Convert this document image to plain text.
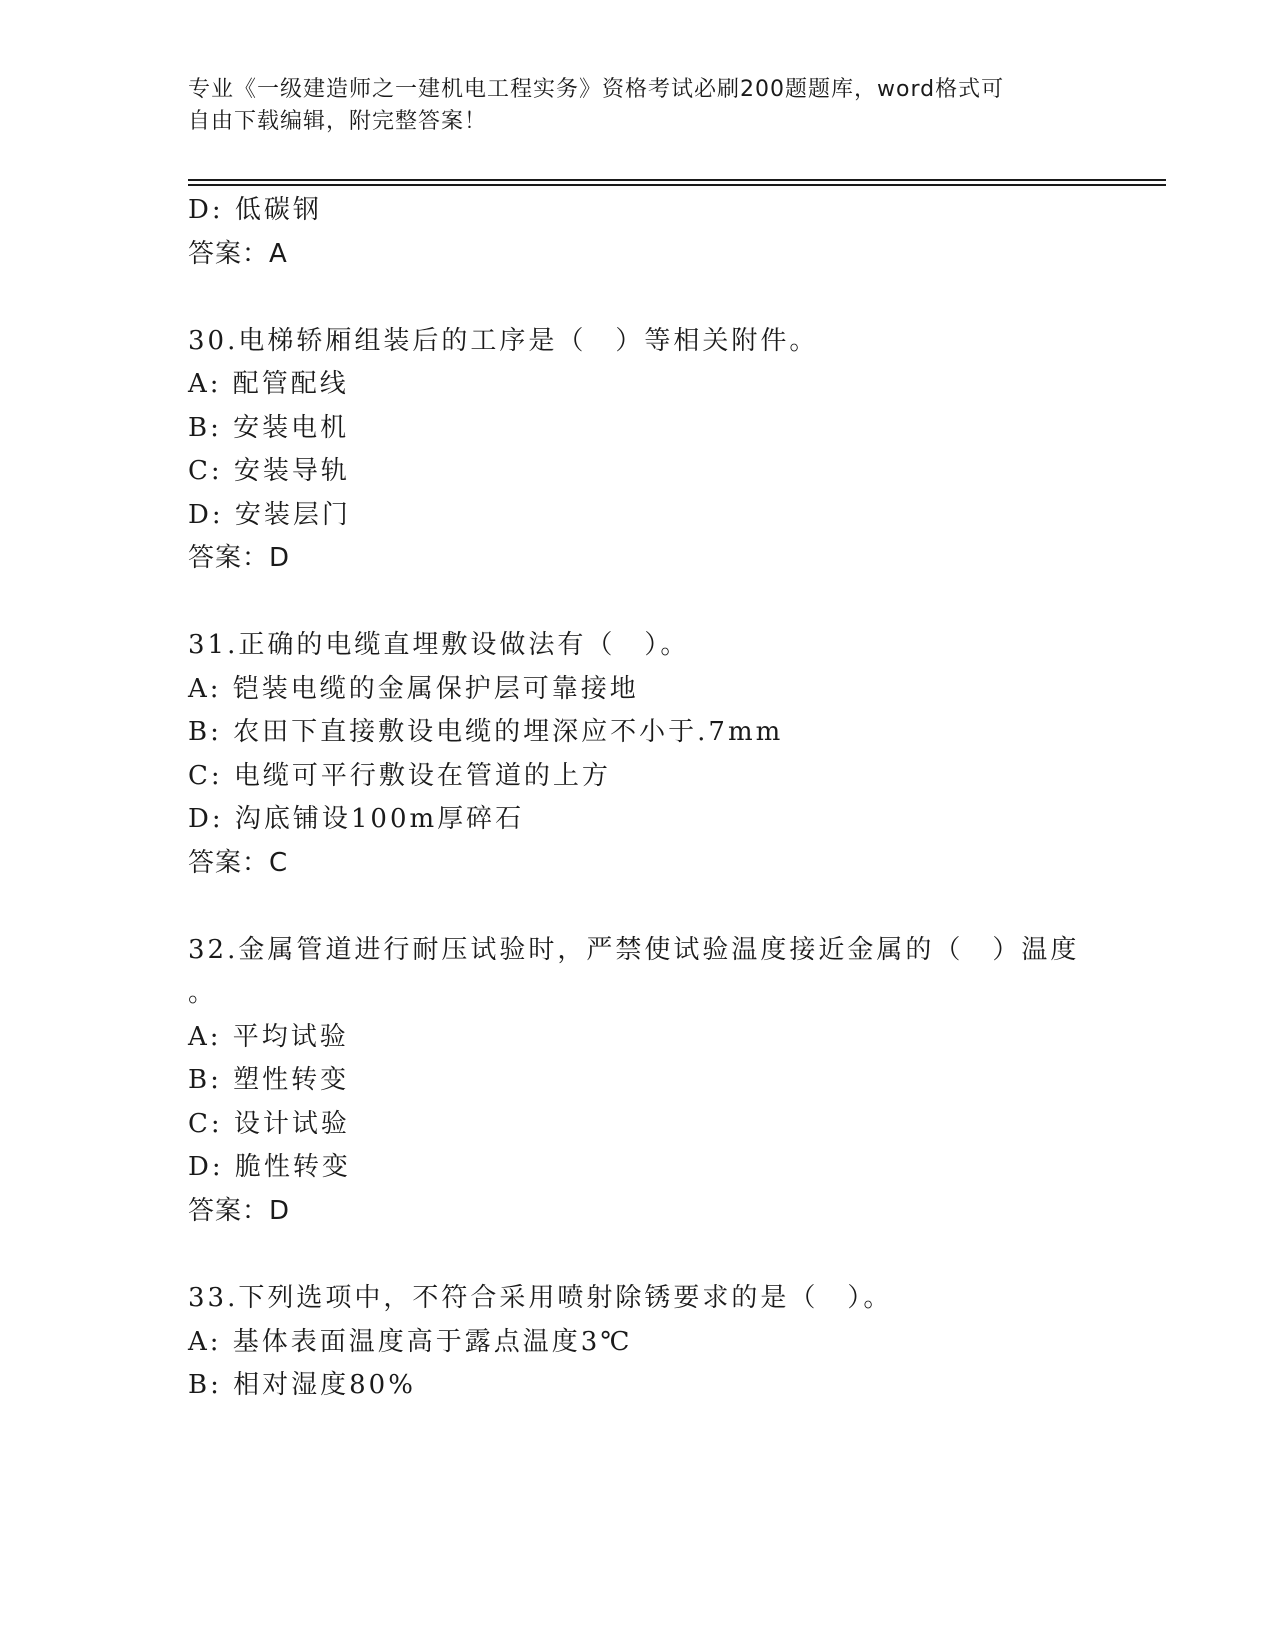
专业《一级建造师之一建机电工程实务》资格考试必刷200题题库，word格式可
自由下载编辑，附完整答案！
D: 低碳钢
答案：A
30.电梯轿厢组装后的工序是（　）等相关附件。
A: 配管配线
B: 安装电机
C: 安装导轨
D: 安装层门
答案：D
31.正确的电缆直埋敷设做法有（　）。
A: 铠装电缆的金属保护层可靠接地
B: 农田下直接敷设电缆的埋深应不小于.7mm
C: 电缆可平行敷设在管道的上方
D: 沟底铺设100m厚碎石
答案：C
32.金属管道进行耐压试验时，严禁使试验温度接近金属的（　）温度
。
A: 平均试验
B: 塑性转变
C: 设计试验
D: 脆性转变
答案：D
33.下列选项中，不符合采用喷射除锈要求的是（　）。
A: 基体表面温度高于露点温度3℃
B: 相对湿度80%
